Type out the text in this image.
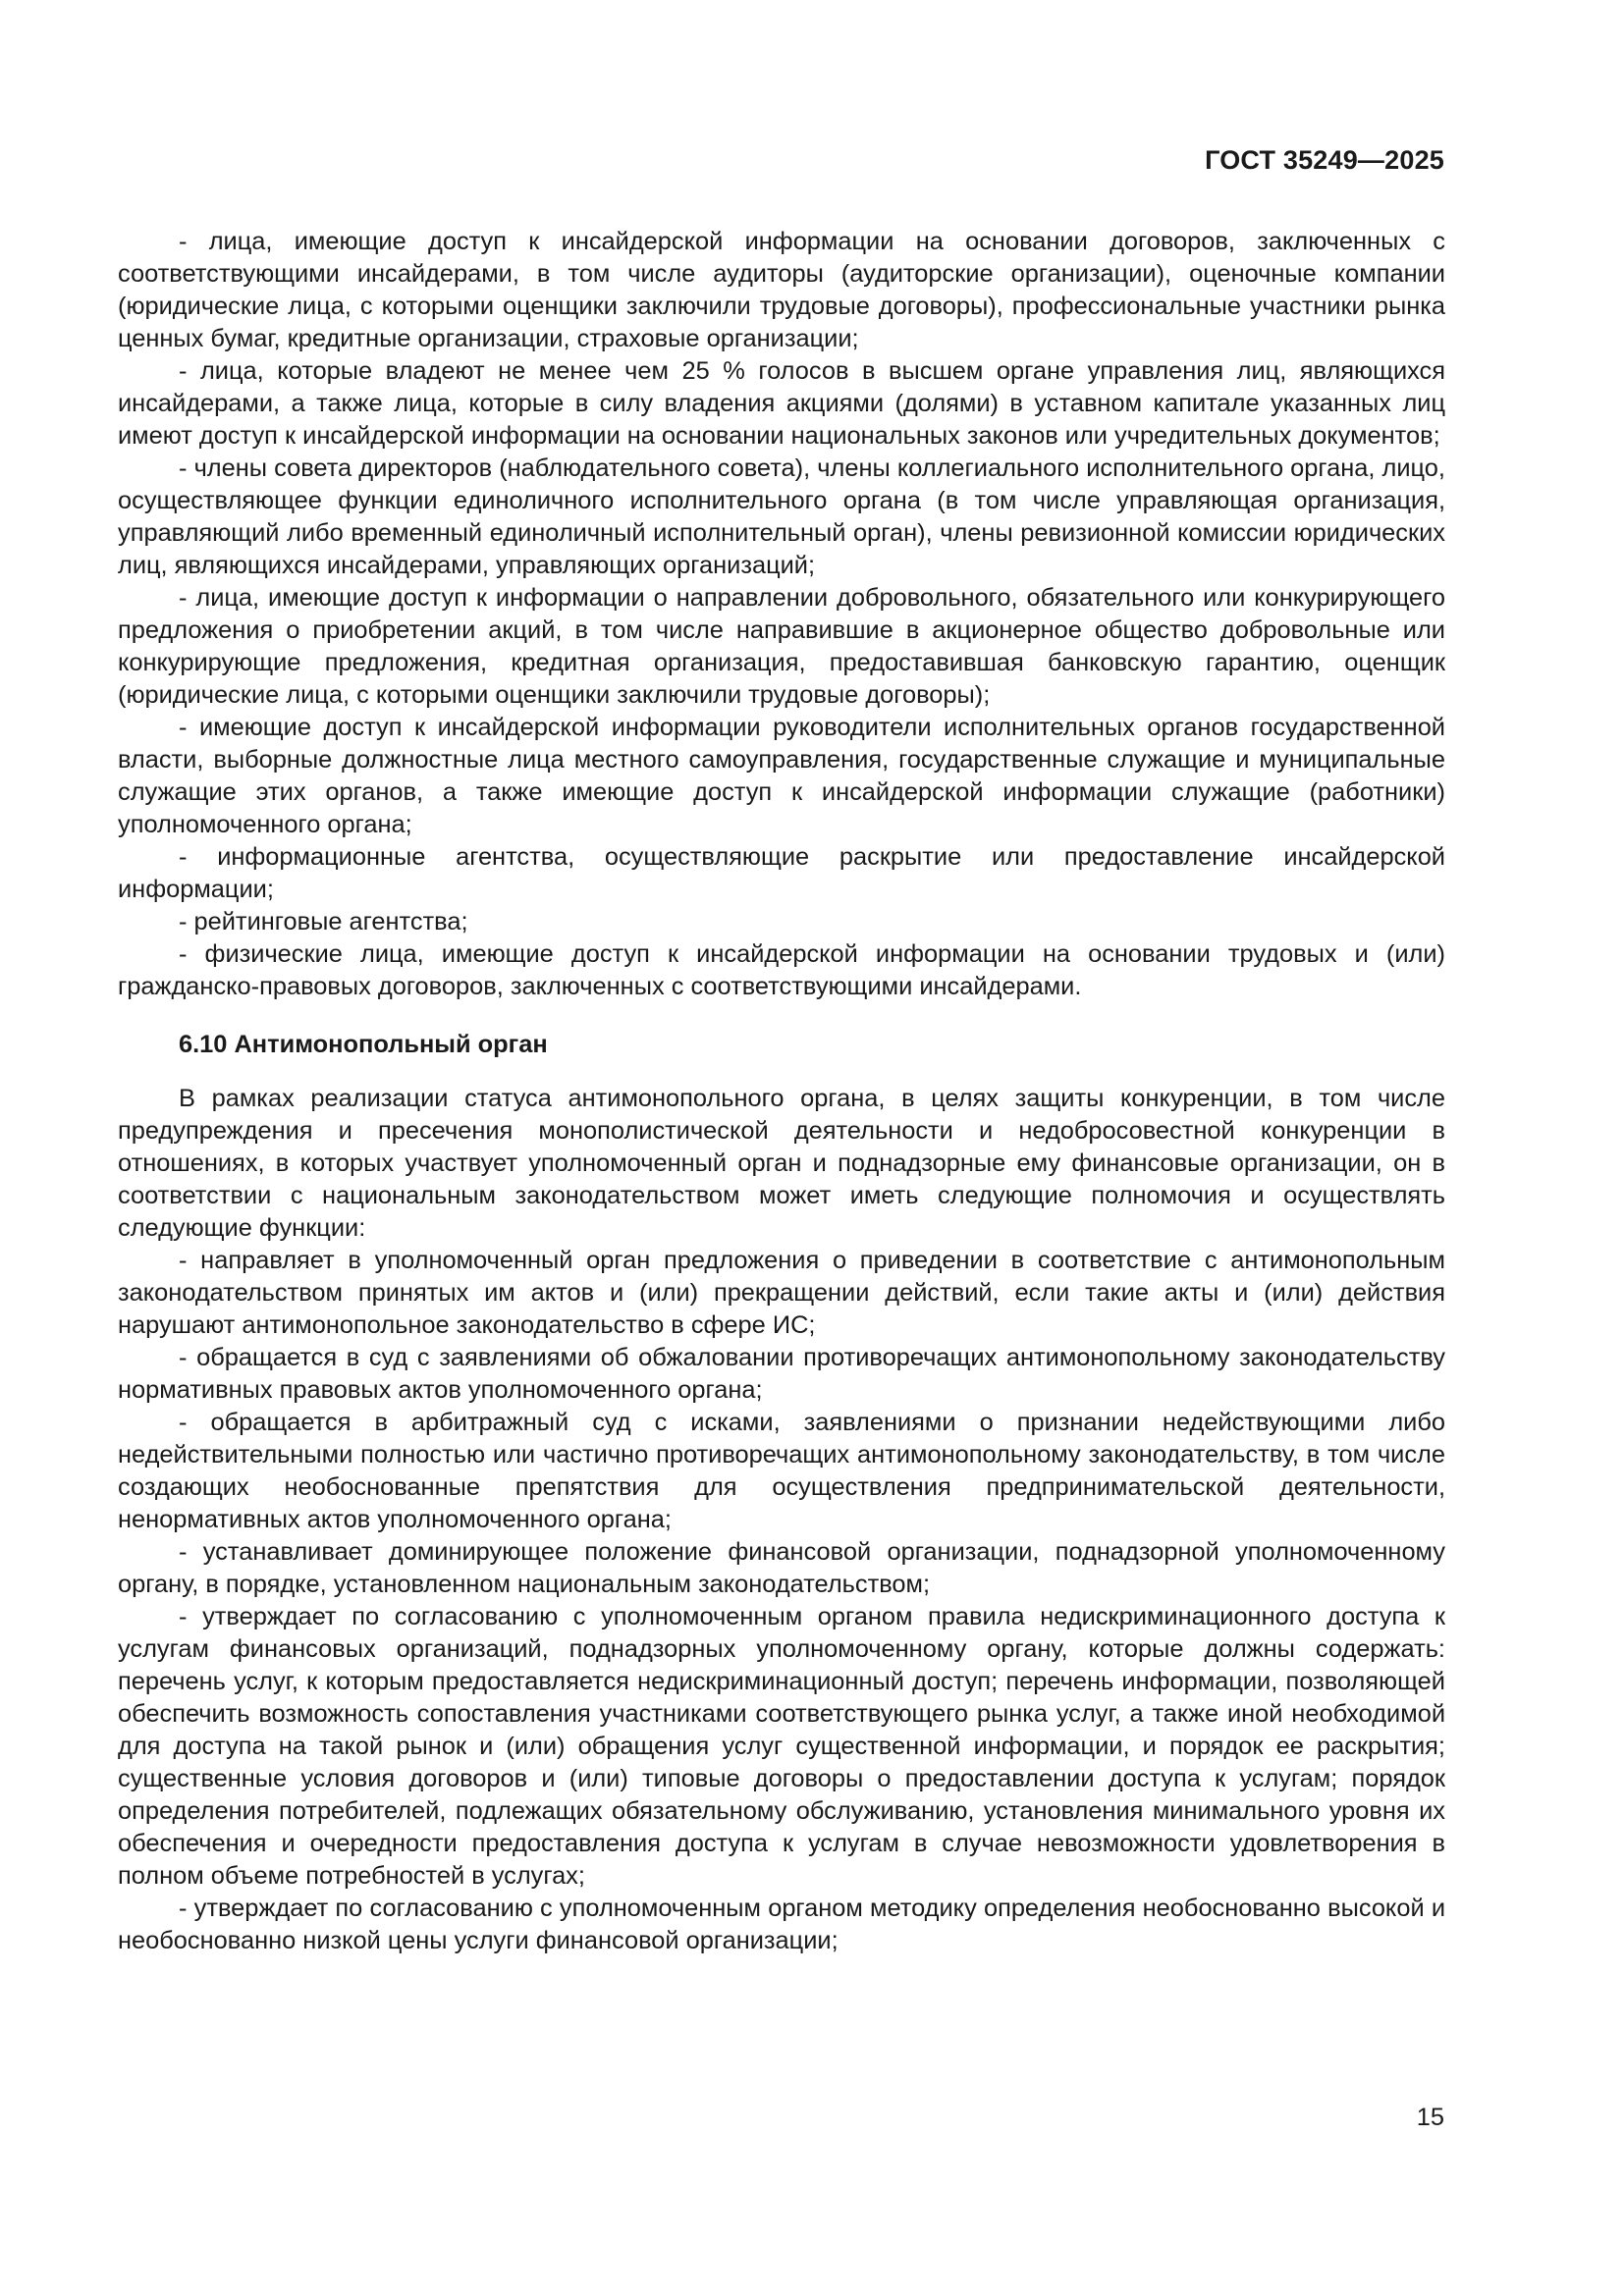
ГОСТ 35249—2025

- лица, имеющие доступ к инсайдерской информации на основании договоров, заключенных с соответствующими инсайдерами, в том числе аудиторы (аудиторские организации), оценочные компании (юридические лица, с которыми оценщики заключили трудовые договоры), профессиональные участники рынка ценных бумаг, кредитные организации, страховые организации;

- лица, которые владеют не менее чем 25 % голосов в высшем органе управления лиц, являющихся инсайдерами, а также лица, которые в силу владения акциями (долями) в уставном капитале указанных лиц имеют доступ к инсайдерской информации на основании национальных законов или учредительных документов;

- члены совета директоров (наблюдательного совета), члены коллегиального исполнительного органа, лицо, осуществляющее функции единоличного исполнительного органа (в том числе управляющая организация, управляющий либо временный единоличный исполнительный орган), члены ревизионной комиссии юридических лиц, являющихся инсайдерами, управляющих организаций;

- лица, имеющие доступ к информации о направлении добровольного, обязательного или конкурирующего предложения о приобретении акций, в том числе направившие в акционерное общество добровольные или конкурирующие предложения, кредитная организация, предоставившая банковскую гарантию, оценщик (юридические лица, с которыми оценщики заключили трудовые договоры);

- имеющие доступ к инсайдерской информации руководители исполнительных органов государственной власти, выборные должностные лица местного самоуправления, государственные служащие и муниципальные служащие этих органов, а также имеющие доступ к инсайдерской информации служащие (работники) уполномоченного органа;

- информационные агентства, осуществляющие раскрытие или предоставление инсайдерской информации;

- рейтинговые агентства;

- физические лица, имеющие доступ к инсайдерской информации на основании трудовых и (или) гражданско-правовых договоров, заключенных с соответствующими инсайдерами.

6.10 Антимонопольный орган

В рамках реализации статуса антимонопольного органа, в целях защиты конкуренции, в том числе предупреждения и пресечения монополистической деятельности и недобросовестной конкуренции в отношениях, в которых участвует уполномоченный орган и поднадзорные ему финансовые организации, он в соответствии с национальным законодательством может иметь следующие полномочия и осуществлять следующие функции:

- направляет в уполномоченный орган предложения о приведении в соответствие с антимонопольным законодательством принятых им актов и (или) прекращении действий, если такие акты и (или) действия нарушают антимонопольное законодательство в сфере ИС;

- обращается в суд с заявлениями об обжаловании противоречащих антимонопольному законодательству нормативных правовых актов уполномоченного органа;

- обращается в арбитражный суд с исками, заявлениями о признании недействующими либо недействительными полностью или частично противоречащих антимонопольному законодательству, в том числе создающих необоснованные препятствия для осуществления предпринимательской деятельности, ненормативных актов уполномоченного органа;

- устанавливает доминирующее положение финансовой организации, поднадзорной уполномоченному органу, в порядке, установленном национальным законодательством;

- утверждает по согласованию с уполномоченным органом правила недискриминационного доступа к услугам финансовых организаций, поднадзорных уполномоченному органу, которые должны содержать: перечень услуг, к которым предоставляется недискриминационный доступ; перечень информации, позволяющей обеспечить возможность сопоставления участниками соответствующего рынка услуг, а также иной необходимой для доступа на такой рынок и (или) обращения услуг существенной информации, и порядок ее раскрытия; существенные условия договоров и (или) типовые договоры о предоставлении доступа к услугам; порядок определения потребителей, подлежащих обязательному обслуживанию, установления минимального уровня их обеспечения и очередности предоставления доступа к услугам в случае невозможности удовлетворения в полном объеме потребностей в услугах;

- утверждает по согласованию с уполномоченным органом методику определения необоснованно высокой и необоснованно низкой цены услуги финансовой организации;

15
